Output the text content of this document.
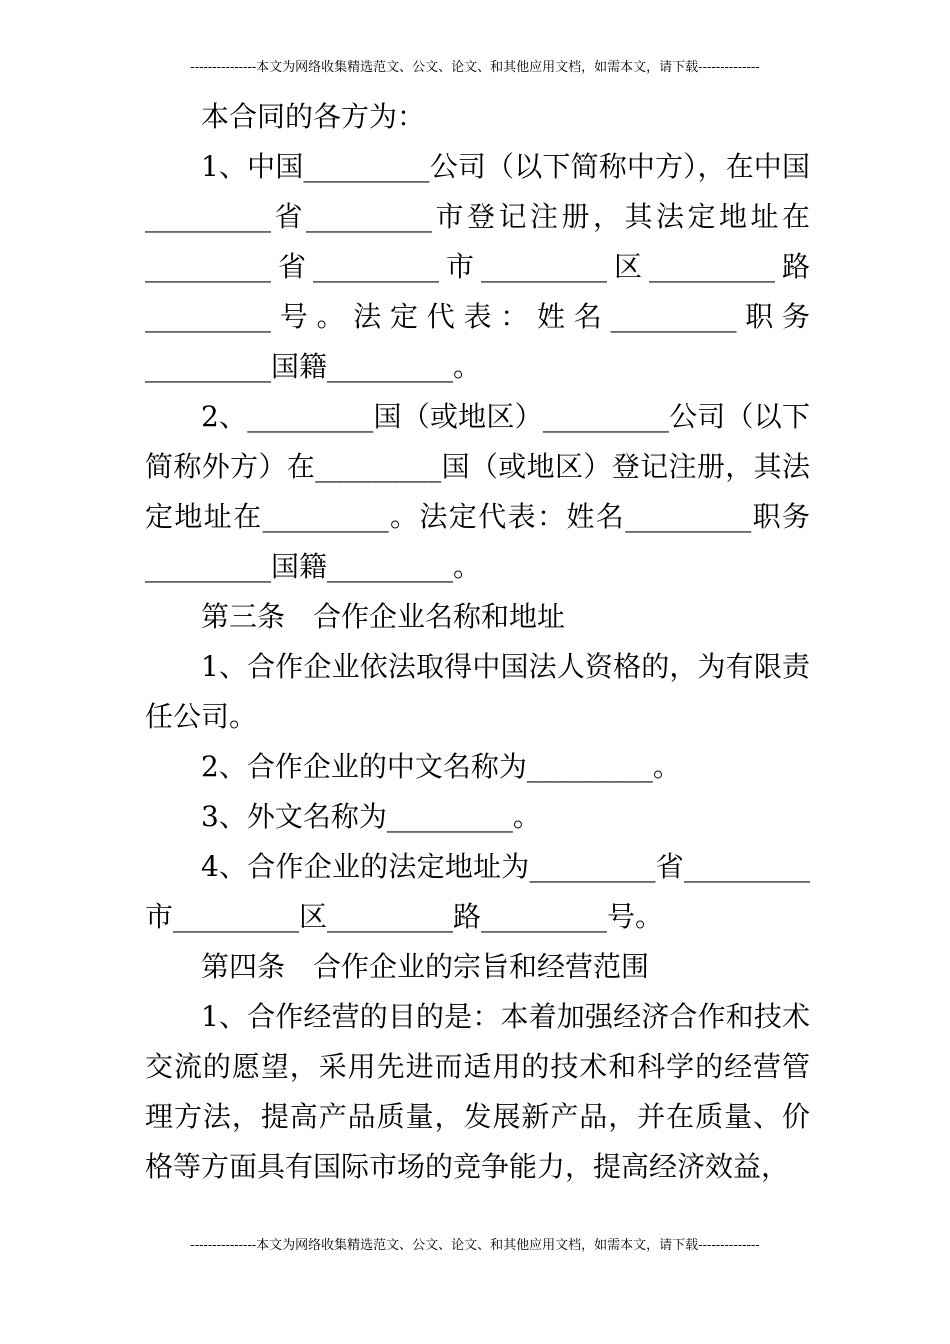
---------------本文为网络收集精选范文、公文、论文、和其他应用文档，如需本文，请下载--------------

本合同的各方为：

1、中国_________公司（以下简称中方），在中国_________省_________市登记注册，其法定地址在_________省_________市_________区_________路_________号。法定代表：姓名_________职务_________国籍_________。

2、_________国（或地区）_________公司（以下简称外方）在_________国（或地区）登记注册，其法定地址在_________。法定代表：姓名_________职务_________国籍_________。

第三条 合作企业名称和地址

1、合作企业依法取得中国法人资格的，为有限责任公司。

2、合作企业的中文名称为_________。

3、外文名称为_________。

4、合作企业的法定地址为_________省_________市_________区_________路_________号。

第四条 合作企业的宗旨和经营范围

1、合作经营的目的是：本着加强经济合作和技术交流的愿望，采用先进而适用的技术和科学的经营管理方法，提高产品质量，发展新产品，并在质量、价格等方面具有国际市场的竞争能力，提高经济效益，

---------------本文为网络收集精选范文、公文、论文、和其他应用文档，如需本文，请下载--------------
